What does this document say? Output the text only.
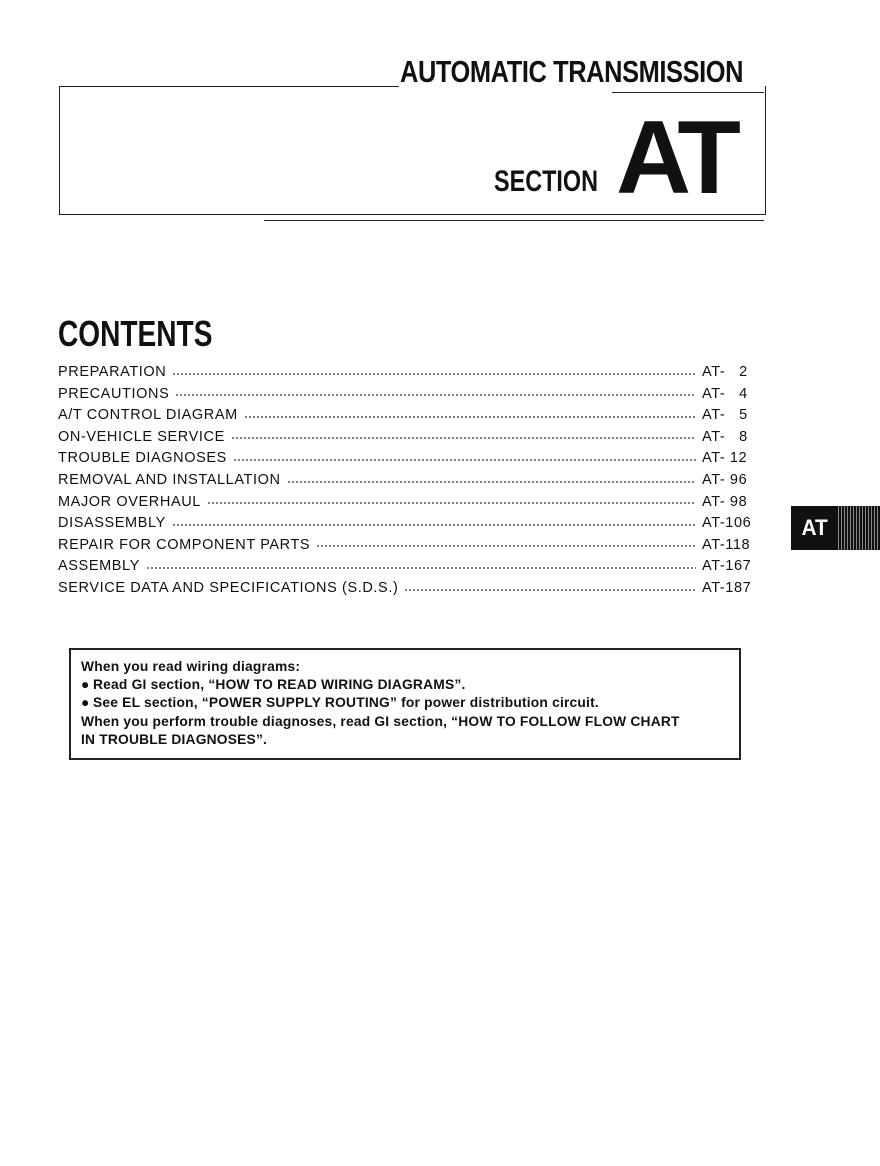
AUTOMATIC TRANSMISSION
SECTION AT
CONTENTS
PREPARATION	AT-   2
PRECAUTIONS	AT-   4
A/T CONTROL DIAGRAM	AT-   5
ON-VEHICLE SERVICE	AT-   8
TROUBLE DIAGNOSES	AT- 12
REMOVAL AND INSTALLATION	AT- 96
MAJOR OVERHAUL	AT- 98
DISASSEMBLY	AT-106
REPAIR FOR COMPONENT PARTS	AT-118
ASSEMBLY	AT-167
SERVICE DATA AND SPECIFICATIONS (S.D.S.)	AT-187
AT
When you read wiring diagrams:
● Read GI section, “HOW TO READ WIRING DIAGRAMS”.
● See EL section, “POWER SUPPLY ROUTING” for power distribution circuit.
When you perform trouble diagnoses, read GI section, “HOW TO FOLLOW FLOW CHART
IN TROUBLE DIAGNOSES”.
